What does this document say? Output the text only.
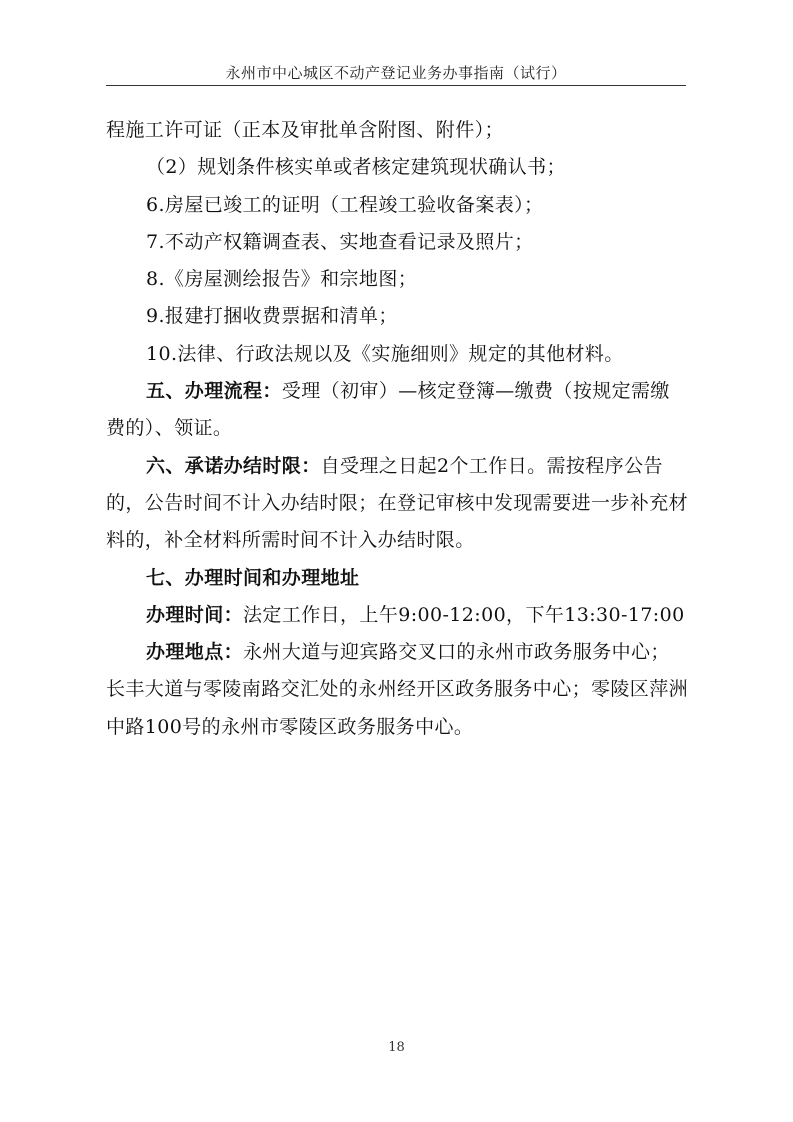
永州市中心城区不动产登记业务办事指南（试行）

程施工许可证（正本及审批单含附图、附件）；

（2）规划条件核实单或者核定建筑现状确认书；

6.房屋已竣工的证明（工程竣工验收备案表）；

7.不动产权籍调查表、实地查看记录及照片；

8.《房屋测绘报告》和宗地图；

9.报建打捆收费票据和清单；

10.法律、行政法规以及《实施细则》规定的其他材料。

五、办理流程：受理（初审）—核定登簿—缴费（按规定需缴费的）、领证。

六、承诺办结时限：自受理之日起2个工作日。需按程序公告的，公告时间不计入办结时限；在登记审核中发现需要进一步补充材料的，补全材料所需时间不计入办结时限。

七、办理时间和办理地址

办理时间：法定工作日，上午9:00-12:00，下午13:30-17:00

办理地点：永州大道与迎宾路交叉口的永州市政务服务中心；长丰大道与零陵南路交汇处的永州经开区政务服务中心；零陵区萍洲中路100号的永州市零陵区政务服务中心。

18
